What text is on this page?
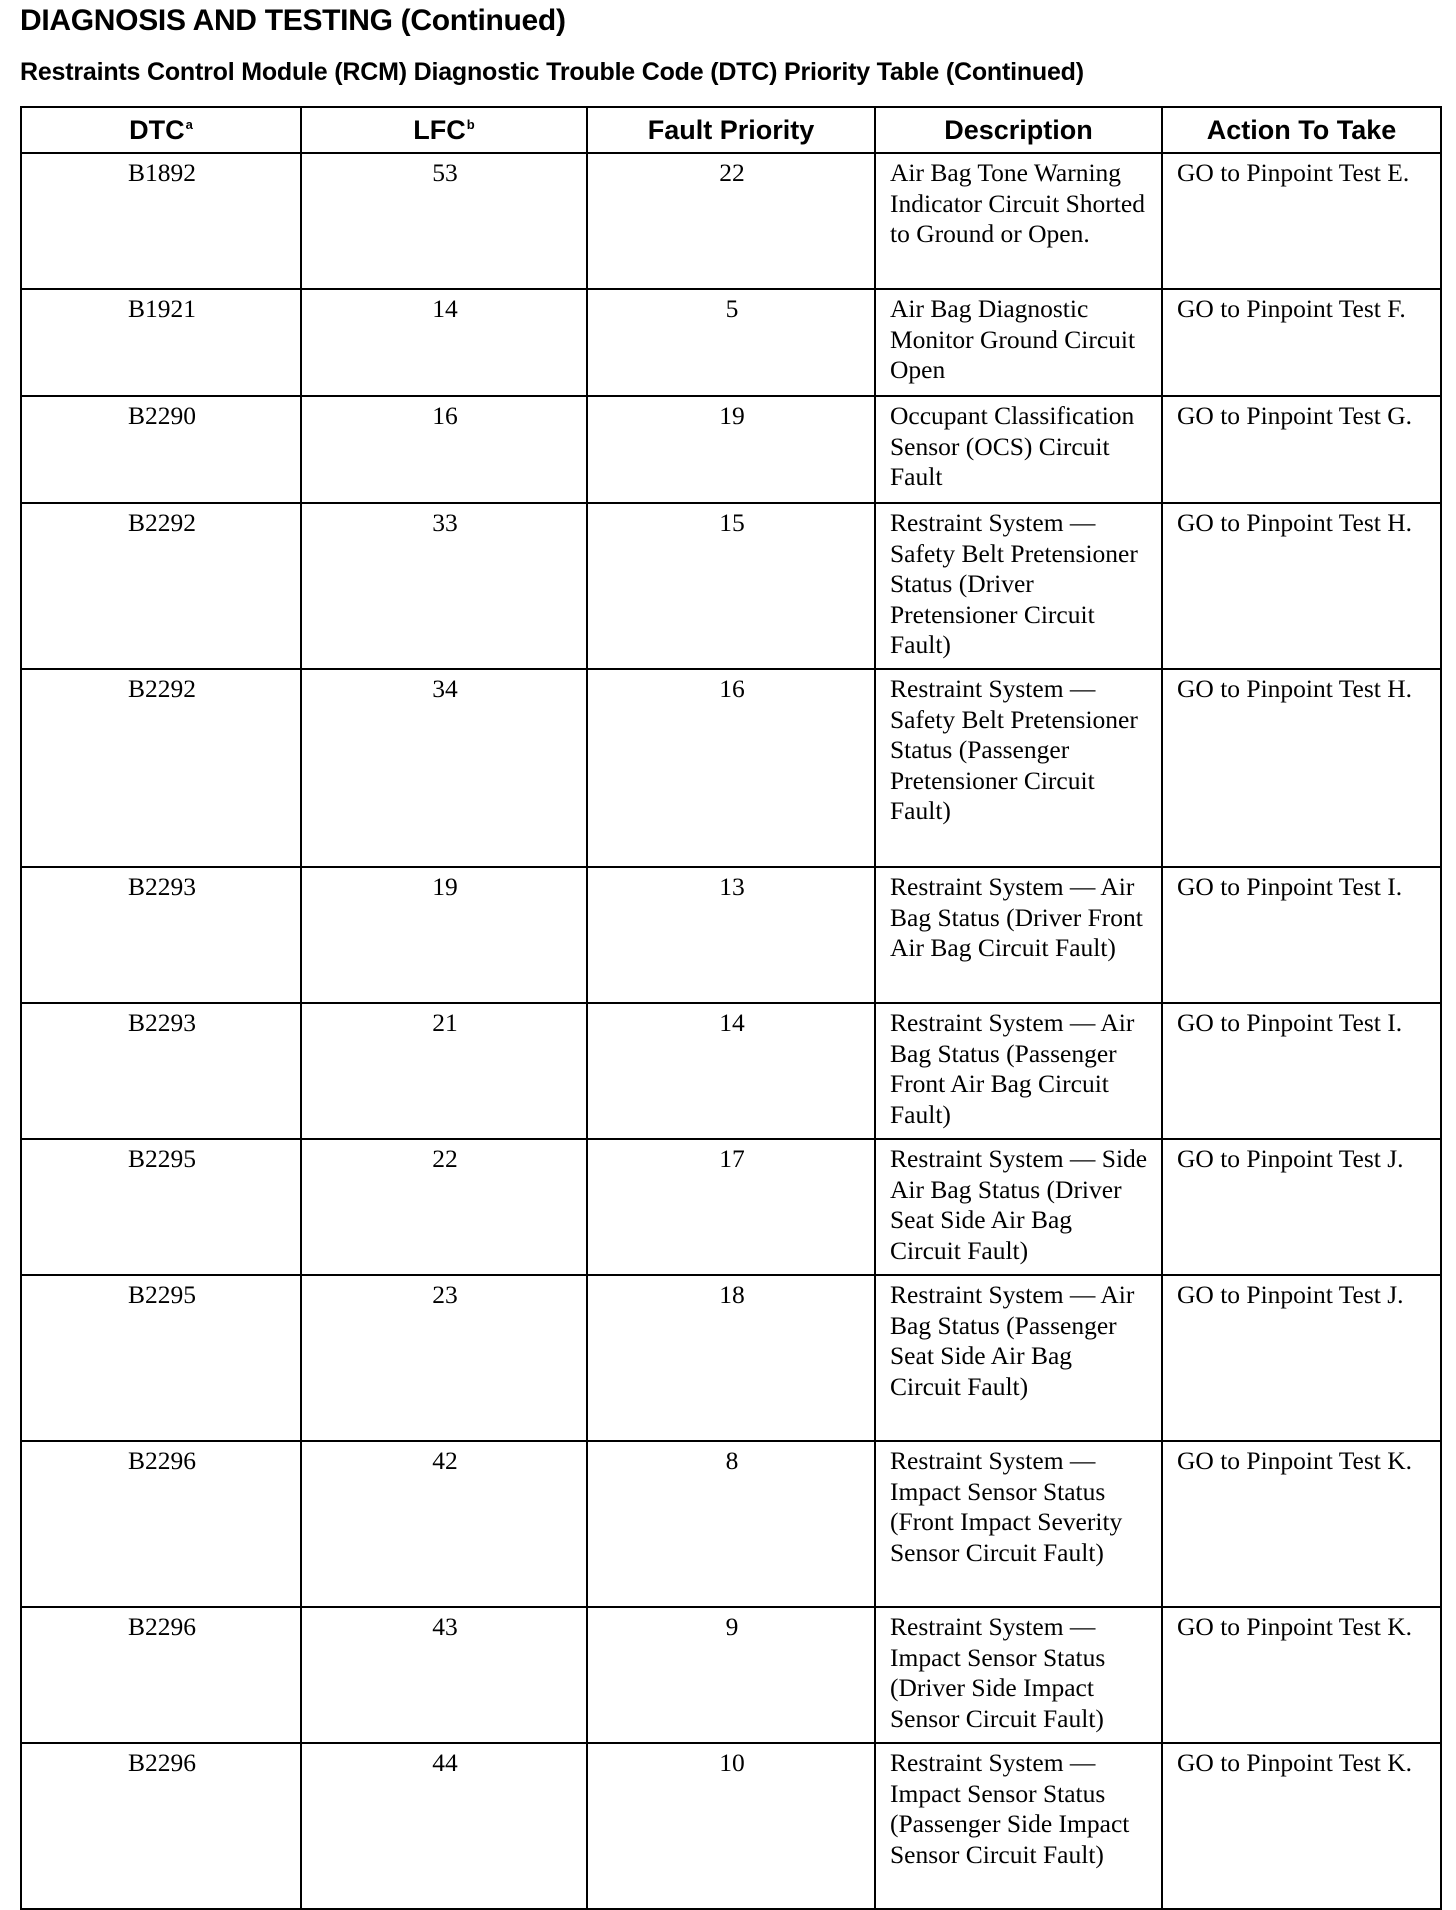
DIAGNOSIS AND TESTING (Continued)
Restraints Control Module (RCM) Diagnostic Trouble Code (DTC) Priority Table (Continued)
DTC$^a$	LFC$^b$	Fault Priority	Description	Action To Take
B1892	53	22	Air Bag Tone Warning Indicator Circuit Shorted to Ground or Open.	GO to Pinpoint Test E.
B1921	14	5	Air Bag Diagnostic Monitor Ground Circuit Open	GO to Pinpoint Test F.
B2290	16	19	Occupant Classification Sensor (OCS) Circuit Fault	GO to Pinpoint Test G.
B2292	33	15	Restraint System — Safety Belt Pretensioner Status (Driver Pretensioner Circuit Fault)	GO to Pinpoint Test H.
B2292	34	16	Restraint System — Safety Belt Pretensioner Status (Passenger Pretensioner Circuit Fault)	GO to Pinpoint Test H.
B2293	19	13	Restraint System — Air Bag Status (Driver Front Air Bag Circuit Fault)	GO to Pinpoint Test I.
B2293	21	14	Restraint System — Air Bag Status (Passenger Front Air Bag Circuit Fault)	GO to Pinpoint Test I.
B2295	22	17	Restraint System — Side Air Bag Status (Driver Seat Side Air Bag Circuit Fault)	GO to Pinpoint Test J.
B2295	23	18	Restraint System — Air Bag Status (Passenger Seat Side Air Bag Circuit Fault)	GO to Pinpoint Test J.
B2296	42	8	Restraint System — Impact Sensor Status (Front Impact Severity Sensor Circuit Fault)	GO to Pinpoint Test K.
B2296	43	9	Restraint System — Impact Sensor Status (Driver Side Impact Sensor Circuit Fault)	GO to Pinpoint Test K.
B2296	44	10	Restraint System — Impact Sensor Status (Passenger Side Impact Sensor Circuit Fault)	GO to Pinpoint Test K.
